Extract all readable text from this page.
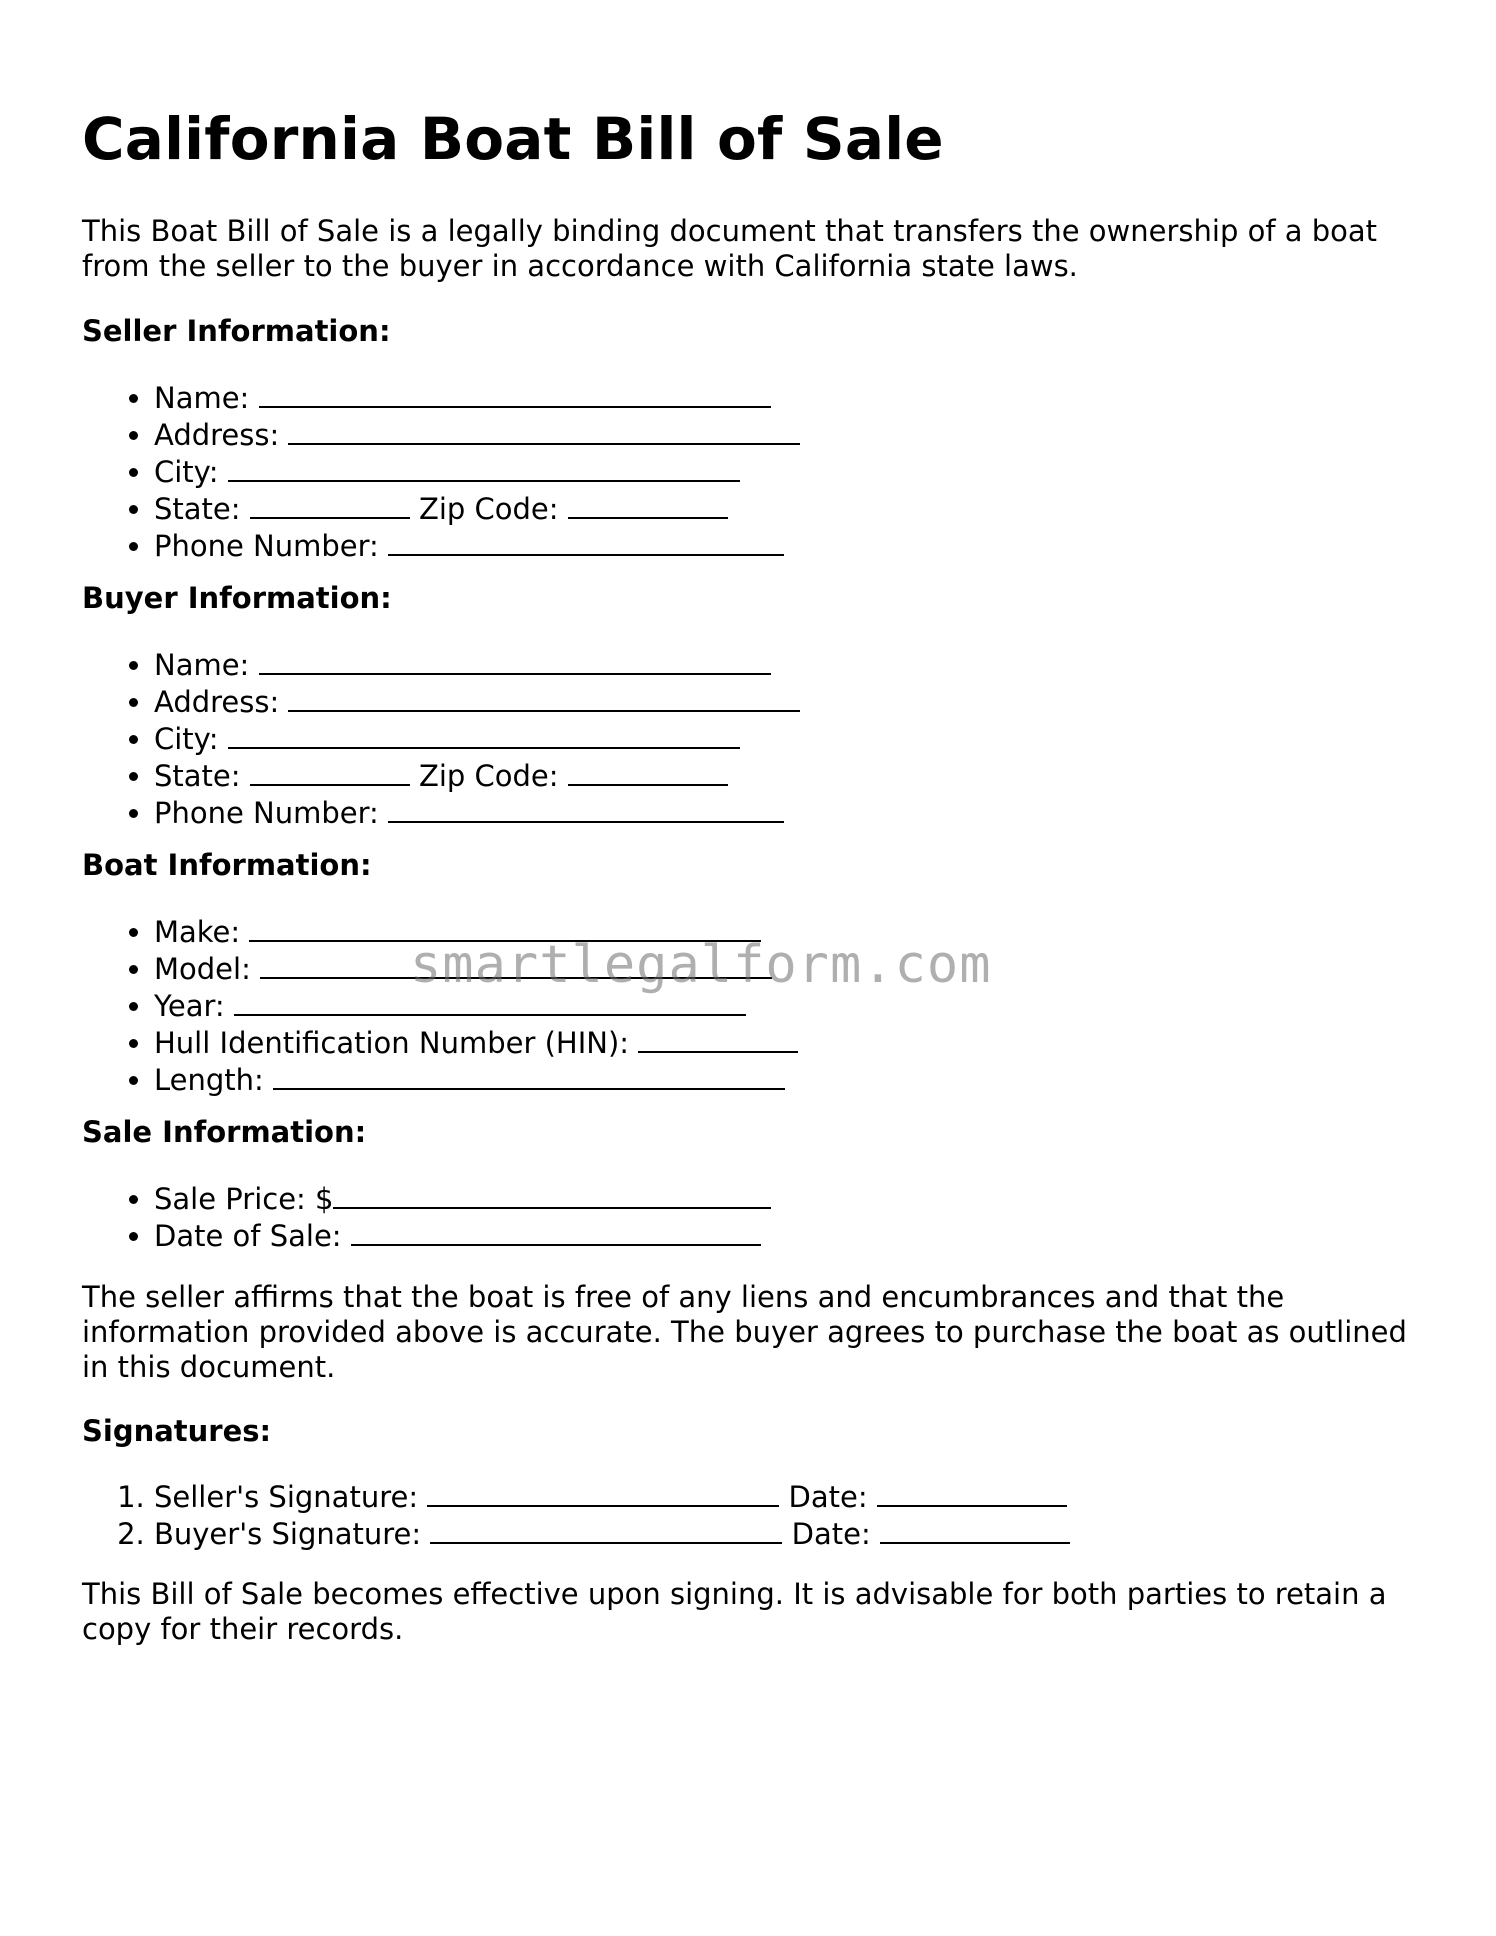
California Boat Bill of Sale

This Boat Bill of Sale is a legally binding document that transfers the ownership of a boat from the seller to the buyer in accordance with California state laws.

Seller Information:
• Name:
• Address:
• City:
• State:	Zip Code:
• Phone Number:
Buyer Information:
• Name:
• Address:
• City:
• State:	Zip Code:
• Phone Number:
Boat Information:
• Make:
• Model:
• Year:
• Hull Identification Number (HIN):
• Length:
Sale Information:
• Sale Price: $
• Date of Sale:

The seller affirms that the boat is free of any liens and encumbrances and that the information provided above is accurate. The buyer agrees to purchase the boat as outlined in this document.

Signatures:
1. Seller's Signature:	Date:
2. Buyer's Signature:	Date:

This Bill of Sale becomes effective upon signing. It is advisable for both parties to retain a copy for their records.

smartlegalform.com
